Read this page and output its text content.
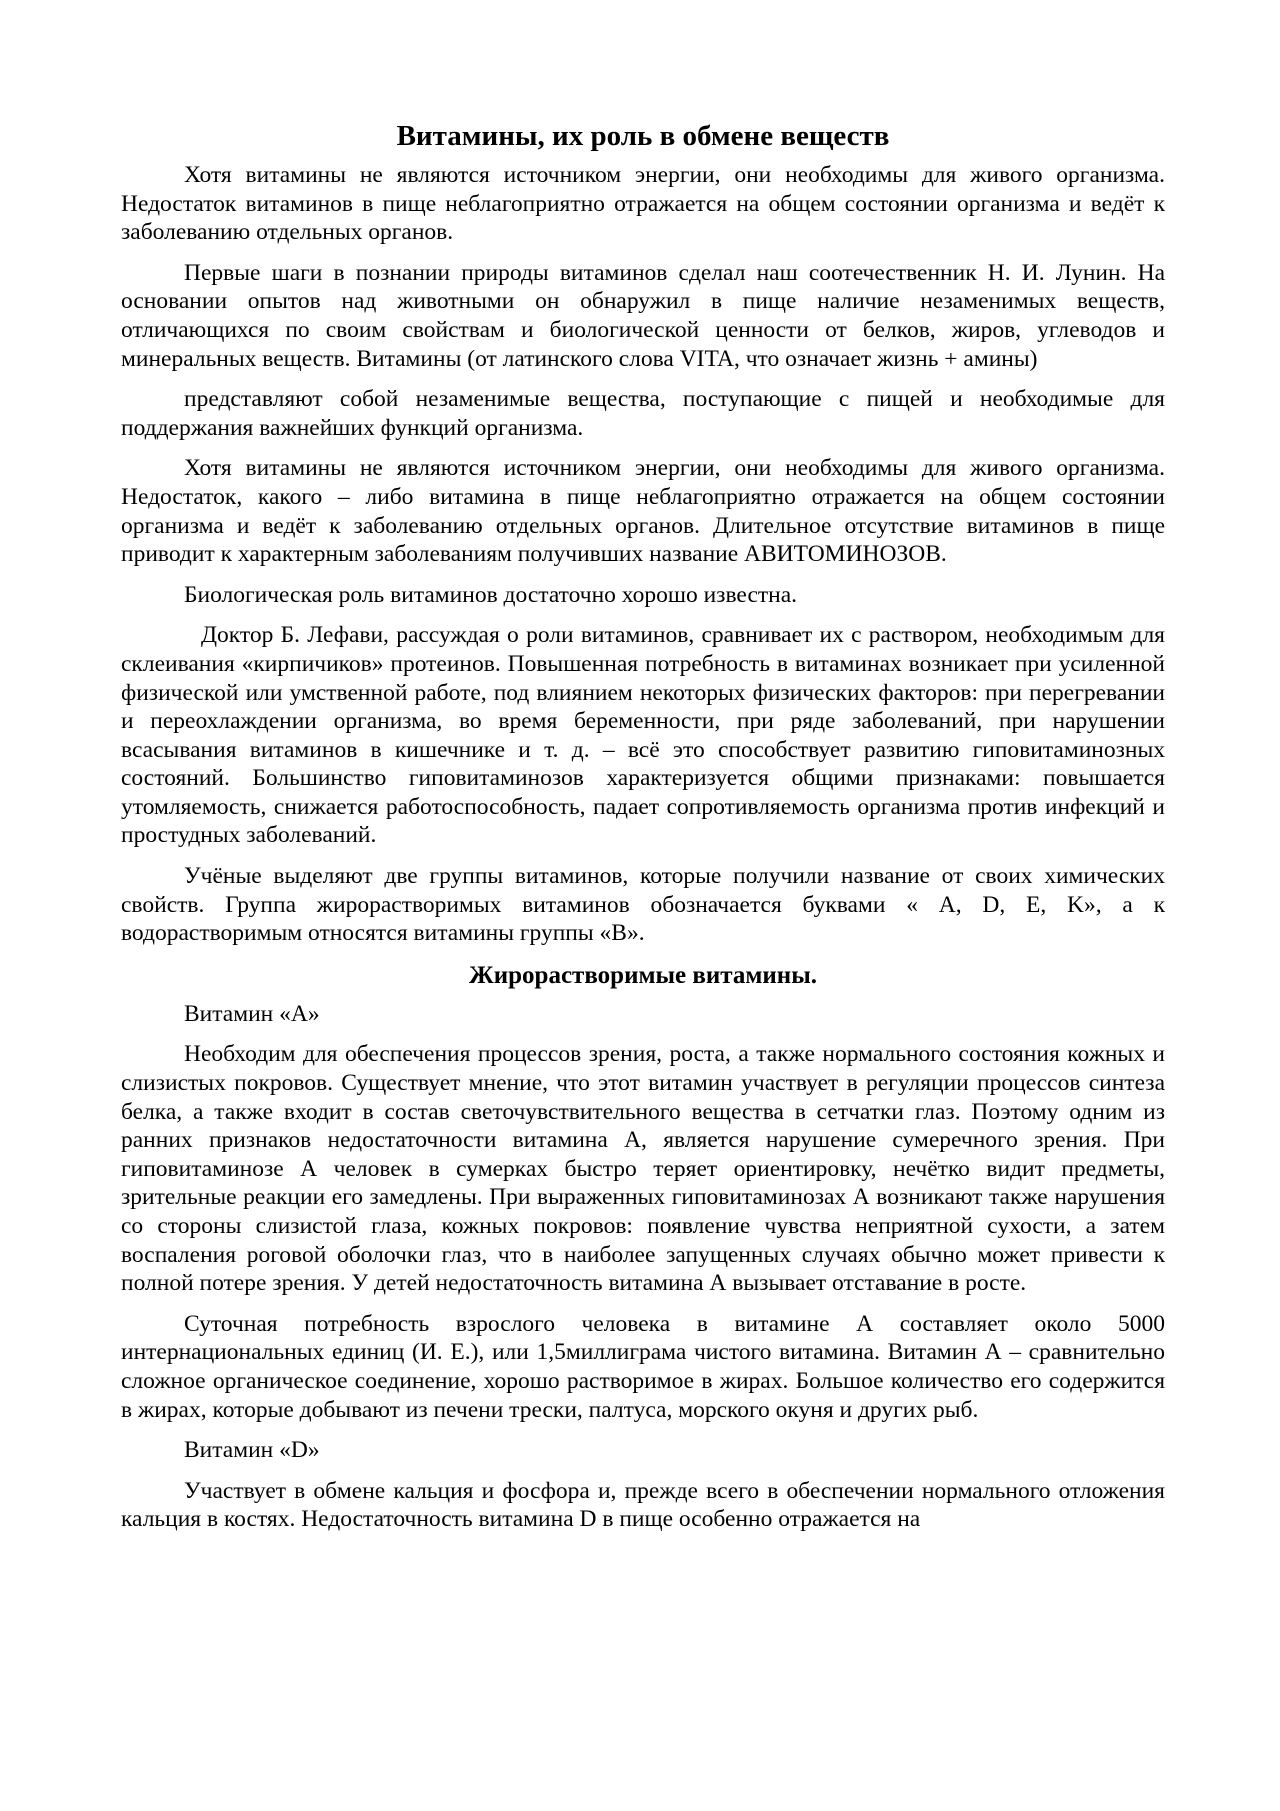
Витамины, их роль в обмене веществ
Хотя витамины не являются источником энергии, они необходимы для живого организма. Недостаток витаминов в пище неблагоприятно отражается на общем состоянии организма и ведёт к заболеванию отдельных органов.
Первые шаги в познании природы витаминов сделал наш соотечественник Н. И. Лунин. На основании опытов над животными он обнаружил в пище наличие незаменимых веществ, отличающихся по своим свойствам и биологической ценности от белков, жиров, углеводов и минеральных веществ. Витамины (от латинского слова VITA, что означает жизнь + амины)
представляют собой незаменимые вещества, поступающие с пищей и необходимые для поддержания важнейших функций организма.
Хотя витамины не являются источником энергии, они необходимы для живого организма. Недостаток, какого – либо витамина в пище неблагоприятно отражается на общем состоянии организма и ведёт к заболеванию отдельных органов. Длительное отсутствие витаминов в пище приводит к характерным заболеваниям получивших название АВИТОМИНОЗОВ.
Биологическая роль витаминов достаточно хорошо известна.
Доктор Б. Лефави, рассуждая о роли витаминов, сравнивает их с раствором, необходимым для склеивания «кирпичиков» протеинов. Повышенная потребность в витаминах возникает при усиленной физической или умственной работе, под влиянием некоторых физических факторов: при перегревании и переохлаждении организма, во время беременности, при ряде заболеваний, при нарушении всасывания витаминов в кишечнике и т. д. – всё это способствует развитию гиповитаминозных состояний. Большинство гиповитаминозов характеризуется общими признаками: повышается утомляемость, снижается работоспособность, падает сопротивляемость организма против инфекций и простудных заболеваний.
Учёные выделяют две группы витаминов, которые получили название от своих химических свойств. Группа жирорастворимых витаминов обозначается буквами « A, D, E, K», а к водорастворимым относятся витамины группы «B».
Жирорастворимые витамины.
Витамин «А»
Необходим для обеспечения процессов зрения, роста, а также нормального состояния кожных и слизистых покровов. Существует мнение, что этот витамин участвует в регуляции процессов синтеза белка, а также входит в состав светочувствительного вещества в сетчатки глаз. Поэтому одним из ранних признаков недостаточности витамина А, является нарушение сумеречного зрения. При гиповитаминозе А человек в сумерках быстро теряет ориентировку, нечётко видит предметы, зрительные реакции его замедлены. При выраженных гиповитаминозах А возникают также нарушения со стороны слизистой глаза, кожных покровов: появление чувства неприятной сухости, а затем воспаления роговой оболочки глаз, что в наиболее запущенных случаях обычно может привести к полной потере зрения. У детей недостаточность витамина А вызывает отставание в росте.
Суточная потребность взрослого человека в витамине А составляет около 5000 интернациональных единиц (И. Е.), или 1,5миллиграма чистого витамина. Витамин А – сравнительно сложное органическое соединение, хорошо растворимое в жирах. Большое количество его содержится в жирах, которые добывают из печени трески, палтуса, морского окуня и других рыб.
Витамин «D»
Участвует в обмене кальция и фосфора и, прежде всего в обеспечении нормального отложения кальция в костях. Недостаточность витамина D в пище особенно отражается на
